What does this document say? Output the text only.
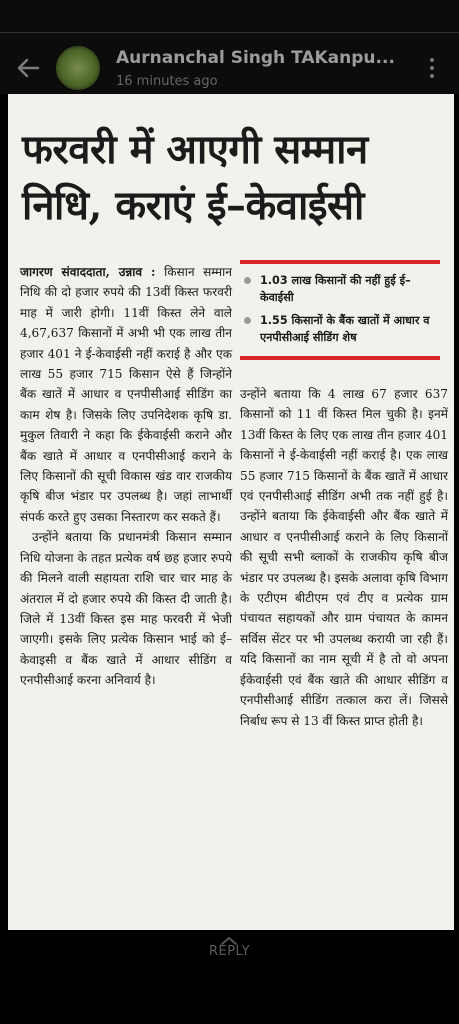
Aurnanchal Singh TAKanpu...
16 minutes ago
फरवरी में आएगी सम्मान निधि, कराएं ई–केवाईसी

जागरण संवाददाता, उन्नाव : किसान सम्मान निधि की दो हजार रुपये की 13वीं किस्त फरवरी माह में जारी होगी। 11वीं किस्त लेने वाले 4,67,637 किसानों में अभी भी एक लाख तीन हजार 401 ने ई-केवाईसी नहीं कराई है और एक लाख 55 हजार 715 किसान ऐसे हैं जिन्होंने बैंक खातें में आधार व एनपीसीआई सीडिंग का काम शेष है। जिसके लिए उपनिदेशक कृषि डा. मुकुल तिवारी ने कहा कि ईकेवाईसी कराने और बैंक खाते में आधार व एनपीसीआई कराने के लिए किसानों की सूची विकास खंड वार राजकीय कृषि बीज भंडार पर उपलब्ध है। जहां लाभार्थी संपर्क करते हुए उसका निस्तारण कर सकते हैं।

उन्होंने बताया कि प्रधानमंत्री किसान सम्मान निधि योजना के तहत प्रत्येक वर्ष छह हजार रुपये की मिलने वाली सहायता राशि चार चार माह के अंतराल में दो हजार रुपये की किस्त दी जाती है। जिले में 13वीं किस्त इस माह फरवरी में भेजी जाएगी। इसके लिए प्रत्येक किसान भाई को ई–केवाइसी व बैंक खाते में आधार सीडिंग व एनपीसीआई करना अनिवार्य है।

1.03 लाख किसानों की नहीं हुई ई–केवाईसी
1.55 किसानों के बैंक खातों में आधार व एनपीसीआई सीडिंग शेष

उन्होंने बताया कि 4 लाख 67 हजार 637 किसानों को 11 वीं किस्त मिल चुकी है। इनमें 13वीं किस्त के लिए एक लाख तीन हजार 401 किसानों ने ई-केवाईसी नहीं कराई है। एक लाख 55 हजार 715 किसानों के बैंक खातें में आधार एवं एनपीसीआई सीडिंग अभी तक नहीं हुई है। उन्होंने बताया कि ईकेवाईसी और बैंक खाते में आधार व एनपीसीआई कराने के लिए किसानों की सूची सभी ब्लाकों के राजकीय कृषि बीज भंडार पर उपलब्ध है। इसके अलावा कृषि विभाग के एटीएम बीटीएम एवं टीए व प्रत्येक ग्राम पंचायत सहायकों और ग्राम पंचायत के कामन सर्विस सेंटर पर भी उपलब्ध करायी जा रही हैं। यदि किसानों का नाम सूची में है तो वो अपना ईकेवाईसी एवं बैंक खाते की आधार सीडिंग व एनपीसीआई सीडिंग तत्काल करा लें। जिससे निर्बाध रूप से 13 वीं किस्त प्राप्त होती है।

REPLY
